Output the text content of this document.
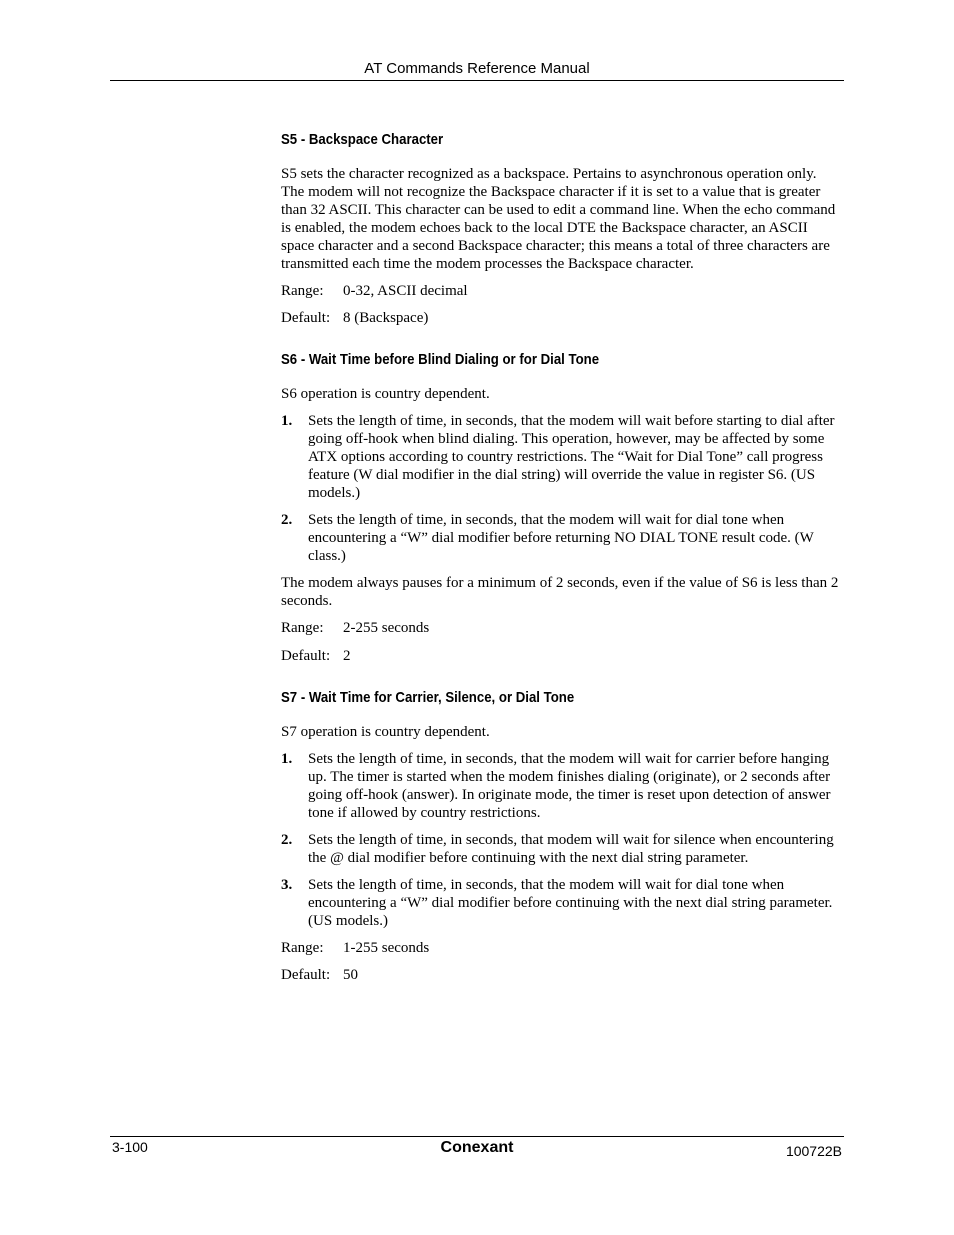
AT Commands Reference Manual
S5 - Backspace Character

S5 sets the character recognized as a backspace. Pertains to asynchronous operation only. The modem will not recognize the Backspace character if it is set to a value that is greater than 32 ASCII. This character can be used to edit a command line. When the echo command is enabled, the modem echoes back to the local DTE the Backspace character, an ASCII space character and a second Backspace character; this means a total of three characters are transmitted each time the modem processes the Backspace character.

Range:	0-32, ASCII decimal
Default: 8 (Backspace)
S6 - Wait Time before Blind Dialing or for Dial Tone

S6 operation is country dependent.

1.	Sets the length of time, in seconds, that the modem will wait before starting to dial after going off-hook when blind dialing. This operation, however, may be affected by some ATX options according to country restrictions. The “Wait for Dial Tone” call progress feature (W dial modifier in the dial string) will override the value in register S6. (US models.)
2.	Sets the length of time, in seconds, that the modem will wait for dial tone when encountering a “W” dial modifier before returning NO DIAL TONE result code. (W class.)

The modem always pauses for a minimum of 2 seconds, even if the value of S6 is less than 2 seconds.

Range:	2-255 seconds
Default: 2
S7 - Wait Time for Carrier, Silence, or Dial Tone

S7 operation is country dependent.

1.	Sets the length of time, in seconds, that the modem will wait for carrier before hanging up. The timer is started when the modem finishes dialing (originate), or 2 seconds after going off-hook (answer). In originate mode, the timer is reset upon detection of answer tone if allowed by country restrictions.
2.	Sets the length of time, in seconds, that modem will wait for silence when encountering the @ dial modifier before continuing with the next dial string parameter.
3.	Sets the length of time, in seconds, that the modem will wait for dial tone when encountering a “W” dial modifier before continuing with the next dial string parameter. (US models.)
Range:	1-255 seconds
Default: 50
3-100	Conexant	100722B
